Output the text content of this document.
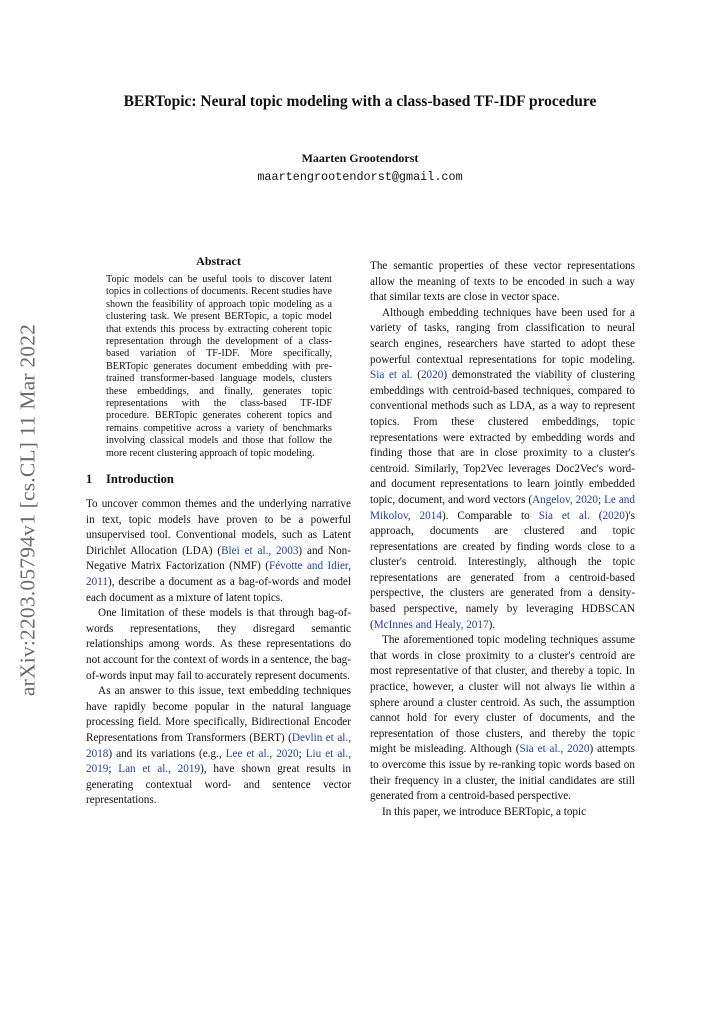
arXiv:2203.05794v1 [cs.CL] 11 Mar 2022
BERTopic: Neural topic modeling with a class-based TF-IDF procedure
Maarten Grootendorst
maartengrootendorst@gmail.com
Abstract

Topic models can be useful tools to discover latent topics in collections of documents. Recent studies have shown the feasibility of approach topic modeling as a clustering task. We present BERTopic, a topic model that extends this process by extracting coherent topic representation through the development of a class-based variation of TF-IDF. More specifically, BERTopic generates document embedding with pre-trained transformer-based language models, clusters these embeddings, and finally, generates topic representations with the class-based TF-IDF procedure. BERTopic generates coherent topics and remains competitive across a variety of benchmarks involving classical models and those that follow the more recent clustering approach of topic modeling.

1 Introduction

To uncover common themes and the underlying narrative in text, topic models have proven to be a powerful unsupervised tool. Conventional models, such as Latent Dirichlet Allocation (LDA) (Blei et al., 2003) and Non-Negative Matrix Factorization (NMF) (Févotte and Idier, 2011), describe a document as a bag-of-words and model each document as a mixture of latent topics.

One limitation of these models is that through bag-of-words representations, they disregard semantic relationships among words. As these representations do not account for the context of words in a sentence, the bag-of-words input may fail to accurately represent documents.

As an answer to this issue, text embedding techniques have rapidly become popular in the natural language processing field. More specifically, Bidirectional Encoder Representations from Transformers (BERT) (Devlin et al., 2018) and its variations (e.g., Lee et al., 2020; Liu et al., 2019; Lan et al., 2019), have shown great results in generating contextual word- and sentence vector representations.

The semantic properties of these vector representations allow the meaning of texts to be encoded in such a way that similar texts are close in vector space.

Although embedding techniques have been used for a variety of tasks, ranging from classification to neural search engines, researchers have started to adopt these powerful contextual representations for topic modeling. Sia et al. (2020) demonstrated the viability of clustering embeddings with centroid-based techniques, compared to conventional methods such as LDA, as a way to represent topics. From these clustered embeddings, topic representations were extracted by embedding words and finding those that are in close proximity to a cluster's centroid. Similarly, Top2Vec leverages Doc2Vec's word- and document representations to learn jointly embedded topic, document, and word vectors (Angelov, 2020; Le and Mikolov, 2014). Comparable to Sia et al. (2020)'s approach, documents are clustered and topic representations are created by finding words close to a cluster's centroid. Interestingly, although the topic representations are generated from a centroid-based perspective, the clusters are generated from a density-based perspective, namely by leveraging HDBSCAN (McInnes and Healy, 2017).

The aforementioned topic modeling techniques assume that words in close proximity to a cluster's centroid are most representative of that cluster, and thereby a topic. In practice, however, a cluster will not always lie within a sphere around a cluster centroid. As such, the assumption cannot hold for every cluster of documents, and the representation of those clusters, and thereby the topic might be misleading. Although (Sia et al., 2020) attempts to overcome this issue by re-ranking topic words based on their frequency in a cluster, the initial candidates are still generated from a centroid-based perspective.

In this paper, we introduce BERTopic, a topic
